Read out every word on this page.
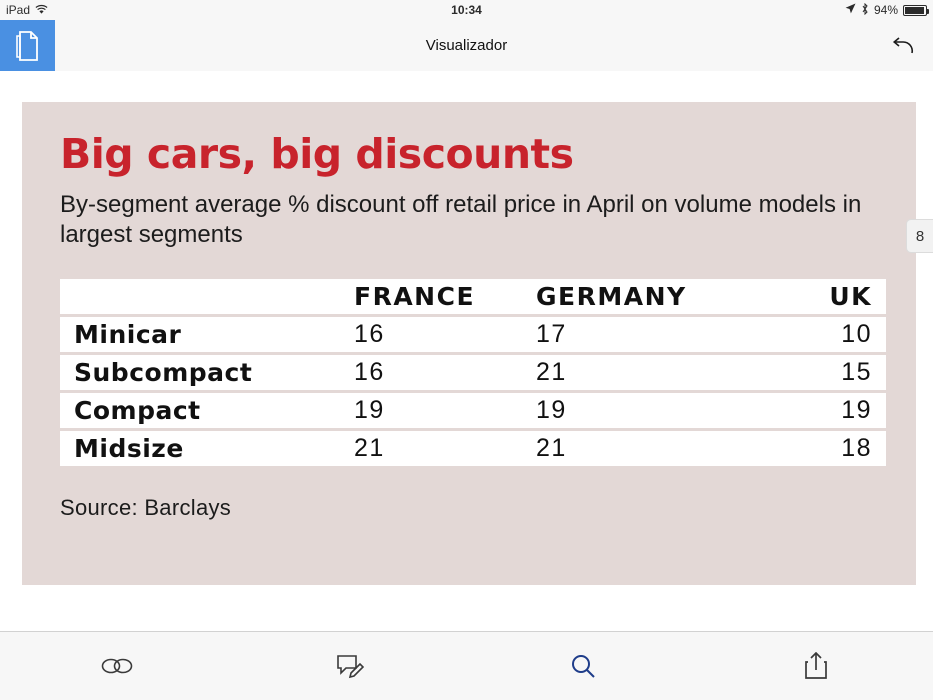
iPad	10:34	94%
Visualizador
Big cars, big discounts

By-segment average % discount off retail price in April on volume models in largest segments

	FRANCE	GERMANY	UK
Minicar	16	17	10
Subcompact	16	21	15
Compact	19	19	19
Midsize	21	21	18
Source: Barclays
8
